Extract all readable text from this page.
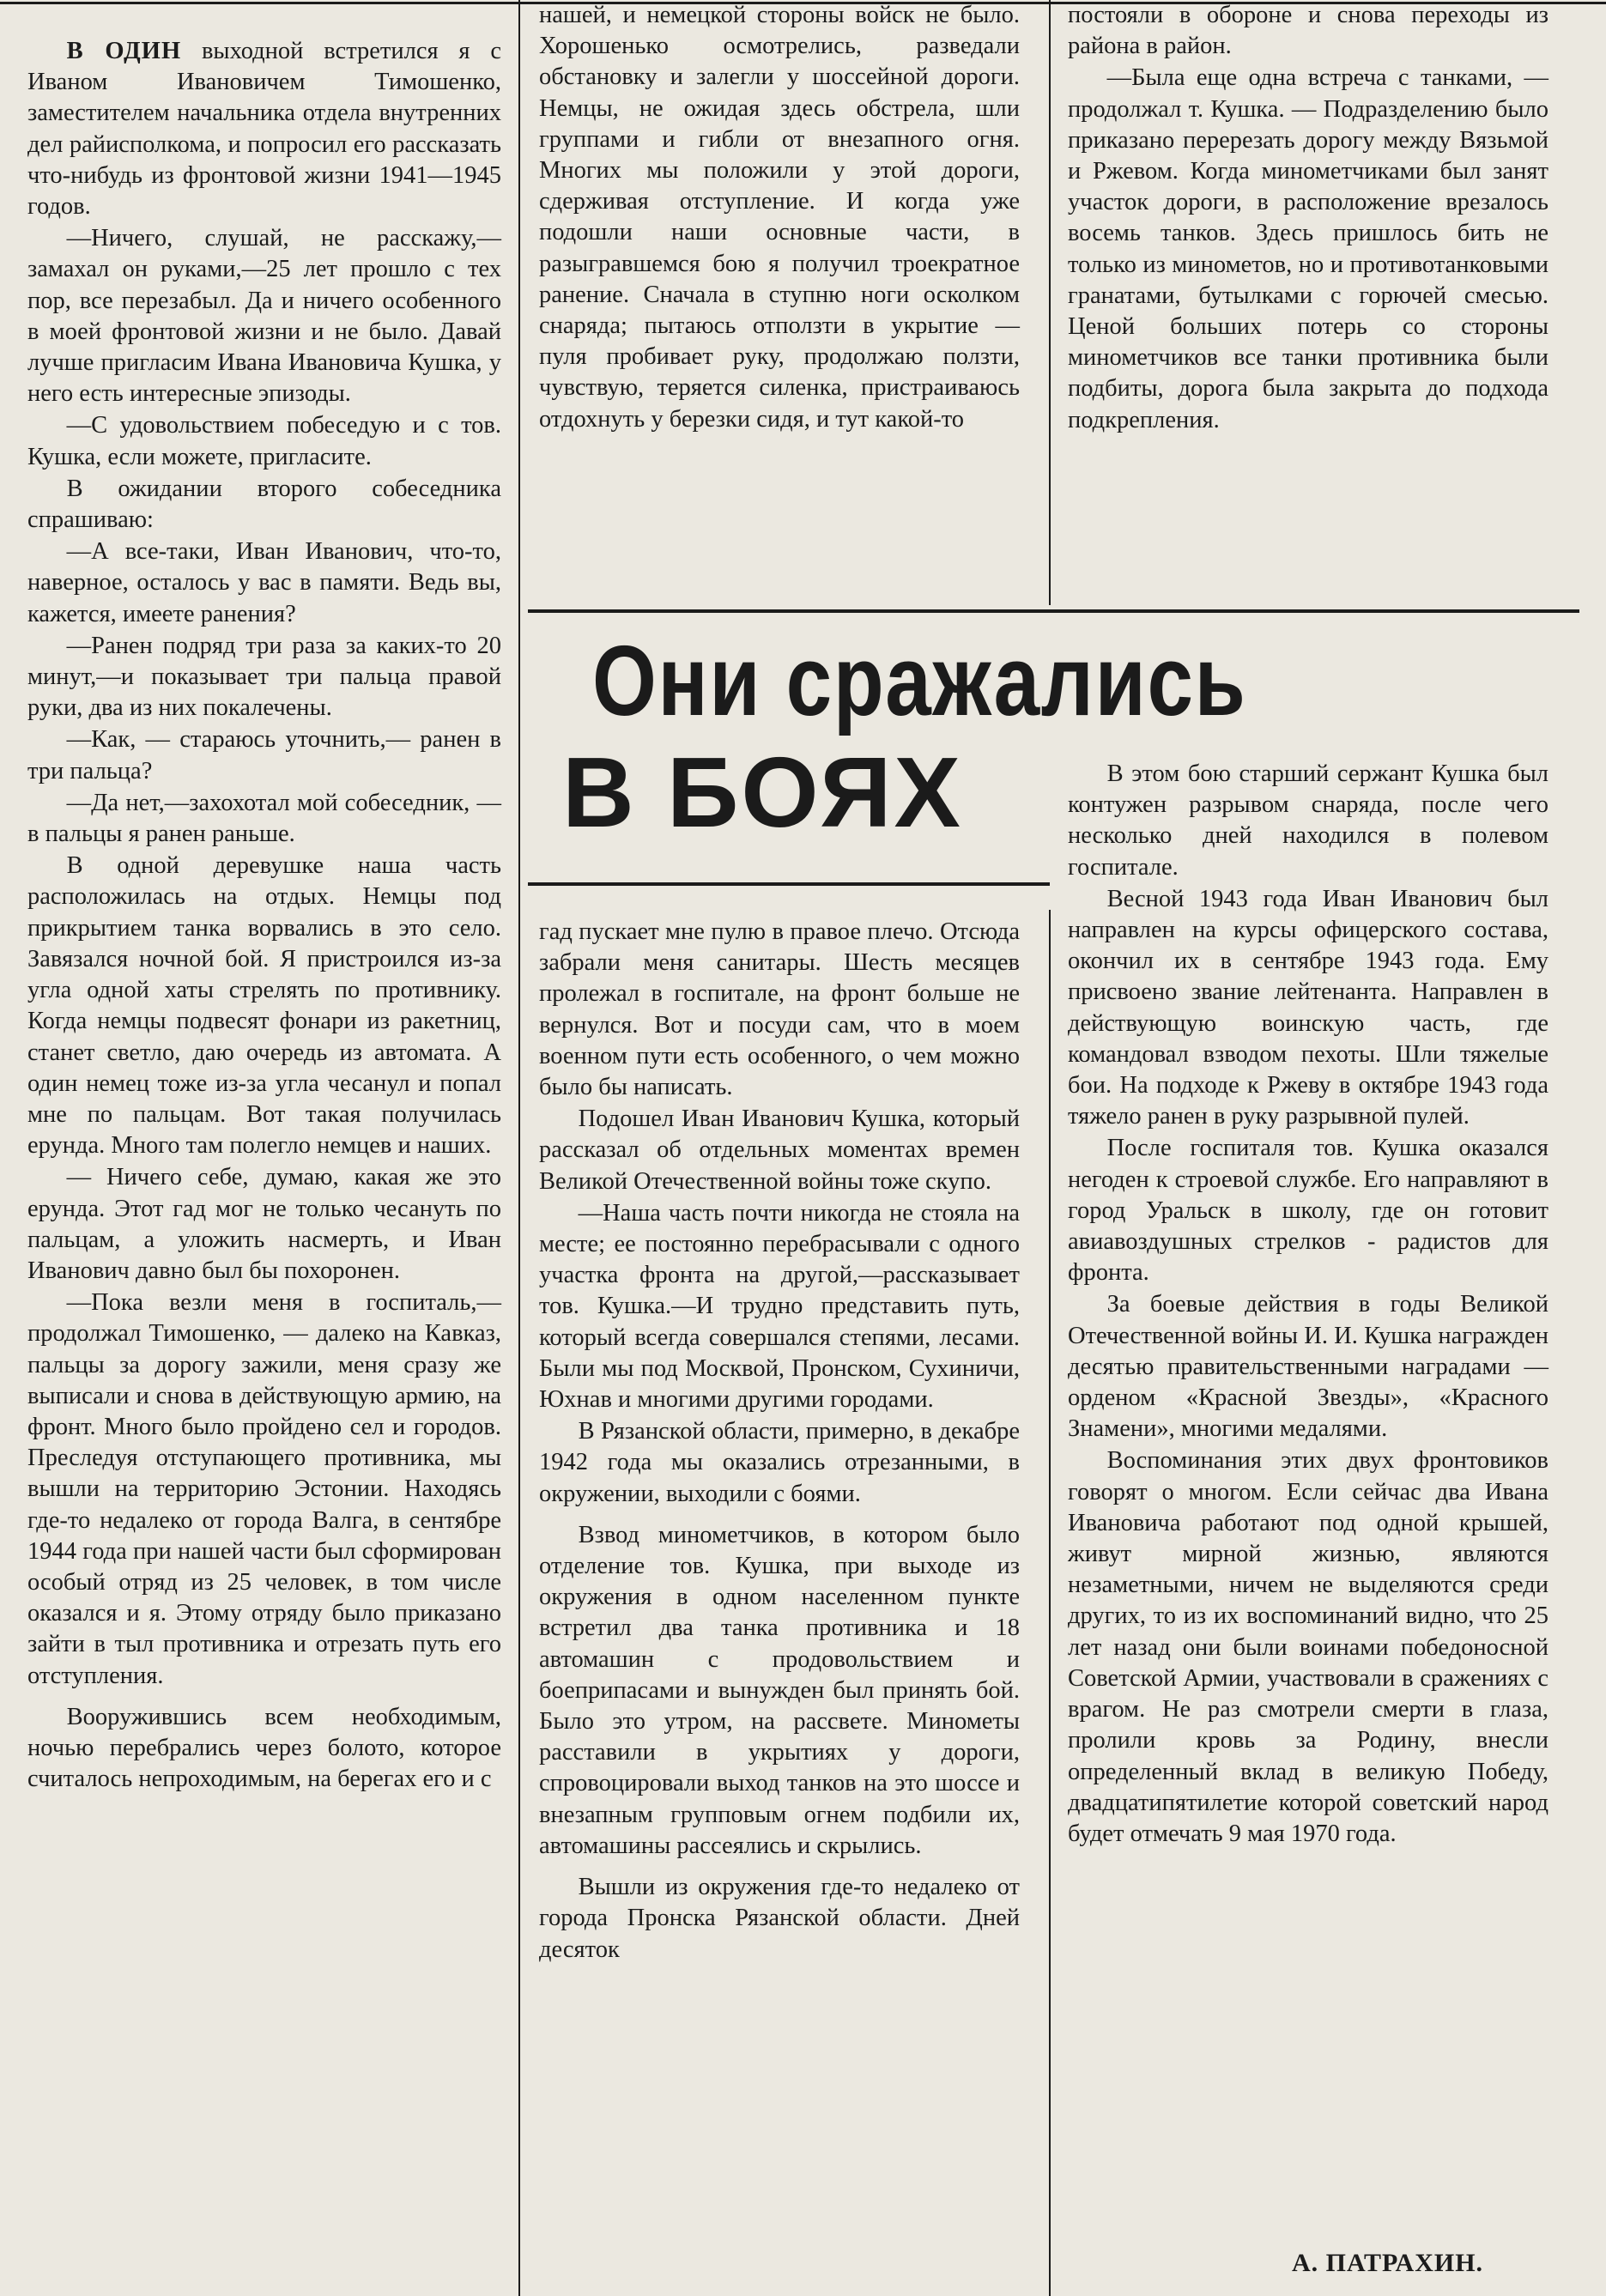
В ОДИН выходной встретился я с Иваном Ивановичем Тимошенко, заместителем начальника отдела внутренних дел райисполкома, и попросил его рассказать что-нибудь из фронтовой жизни 1941—1945 годов.

—Ничего, слушай, не расскажу,—замахал он руками,—25 лет прошло с тех пор, все перезабыл. Да и ничего особенного в моей фронтовой жизни и не было. Давай лучше пригласим Ивана Ивановича Кушка, у него есть интересные эпизоды.

—С удовольствием побеседую и с тов. Кушка, если можете, пригласите.

В ожидании второго собеседника спрашиваю:

—А все-таки, Иван Иванович, что-то, наверное, осталось у вас в памяти. Ведь вы, кажется, имеете ранения?

—Ранен подряд три раза за каких-то 20 минут,—и показывает три пальца правой руки, два из них покалечены.

—Как, — стараюсь уточнить,— ранен в три пальца?

—Да нет,—захохотал мой собеседник, — в пальцы я ранен раньше.

В одной деревушке наша часть расположилась на отдых. Немцы под прикрытием танка ворвались в это село. Завязался ночной бой. Я пристроился из-за угла одной хаты стрелять по противнику. Когда немцы подвесят фонари из ракетниц, станет светло, даю очередь из автомата. А один немец тоже из-за угла чесанул и попал мне по пальцам. Вот такая получилась ерунда. Много там полегло немцев и наших.

— Ничего себе, думаю, какая же это ерунда. Этот гад мог не только чесануть по пальцам, а уложить насмерть, и Иван Иванович давно был бы похоронен.

—Пока везли меня в госпиталь,—продолжал Тимошенко, — далеко на Кавказ, пальцы за дорогу зажили, меня сразу же выписали и снова в действующую армию, на фронт. Много было пройдено сел и городов. Преследуя отступающего противника, мы вышли на территорию Эстонии. Находясь где-то недалеко от города Валга, в сентябре 1944 года при нашей части был сформирован особый отряд из 25 человек, в том числе оказался и я. Этому отряду было приказано зайти в тыл противника и отрезать путь его отступления.

Вооружившись всем необходимым, ночью перебрались через болото, которое считалось непроходимым, на берегах его и с

нашей, и немецкой стороны войск не было. Хорошенько осмотрелись, разведали обстановку и залегли у шоссейной дороги. Немцы, не ожидая здесь обстрела, шли группами и гибли от внезапного огня. Многих мы положили у этой дороги, сдерживая отступление. И когда уже подошли наши основные части, в разыгравшемся бою я получил троекратное ранение. Сначала в ступню ноги осколком снаряда; пытаюсь отползти в укрытие — пуля пробивает руку, продолжаю ползти, чувствую, теряется силенка, пристраиваюсь отдохнуть у березки сидя, и тут какой-то

постояли в обороне и снова переходы из района в район.

—Была еще одна встреча с танками, — продолжал т. Кушка. — Подразделению было приказано перерезать дорогу между Вязьмой и Ржевом. Когда минометчиками был занят участок дороги, в расположение врезалось восемь танков. Здесь пришлось бить не только из минометов, но и противотанковыми гранатами, бутылками с горючей смесью. Ценой больших потерь со стороны минометчиков все танки противника были подбиты, дорога была закрыта до подхода подкрепления.

Они сражались
В БОЯХ

гад пускает мне пулю в правое плечо. Отсюда забрали меня санитары. Шесть месяцев пролежал в госпитале, на фронт больше не вернулся. Вот и посуди сам, что в моем военном пути есть особенного, о чем можно было бы написать.

Подошел Иван Иванович Кушка, который рассказал об отдельных моментах времен Великой Отечественной войны тоже скупо.

—Наша часть почти никогда не стояла на месте; ее постоянно перебрасывали с одного участка фронта на другой,—рассказывает тов. Кушка.—И трудно представить путь, который всегда совершался степями, лесами. Были мы под Москвой, Пронском, Сухиничи, Юхнав и многими другими городами.

В Рязанской области, примерно, в декабре 1942 года мы оказались отрезанными, в окружении, выходили с боями.

Взвод минометчиков, в котором было отделение тов. Кушка, при выходе из окружения в одном населенном пункте встретил два танка противника и 18 автомашин с продовольствием и боеприпасами и вынужден был принять бой. Было это утром, на рассвете. Минометы расставили в укрытиях у дороги, спровоцировали выход танков на это шоссе и внезапным групповым огнем подбили их, автомашины рассеялись и скрылись.

Вышли из окружения где-то недалеко от города Пронска Рязанской области. Дней десяток

В этом бою старший сержант Кушка был контужен разрывом снаряда, после чего несколько дней находился в полевом госпитале.

Весной 1943 года Иван Иванович был направлен на курсы офицерского состава, окончил их в сентябре 1943 года. Ему присвоено звание лейтенанта. Направлен в действующую воинскую часть, где командовал взводом пехоты. Шли тяжелые бои. На подходе к Ржеву в октябре 1943 года тяжело ранен в руку разрывной пулей.

После госпиталя тов. Кушка оказался негоден к строевой службе. Его направляют в город Уральск в школу, где он готовит авиавоздушных стрелков - радистов для фронта.

За боевые действия в годы Великой Отечественной войны И. И. Кушка награжден десятью правительственными наградами — орденом «Красной Звезды», «Красного Знамени», многими медалями.

Воспоминания этих двух фронтовиков говорят о многом. Если сейчас два Ивана Ивановича работают под одной крышей, живут мирной жизнью, являются незаметными, ничем не выделяются среди других, то из их воспоминаний видно, что 25 лет назад они были воинами победоносной Советской Армии, участвовали в сражениях с врагом. Не раз смотрели смерти в глаза, пролили кровь за Родину, внесли определенный вклад в великую Победу, двадцатипятилетие которой советский народ будет отмечать 9 мая 1970 года.

А. ПАТРАХИН.
